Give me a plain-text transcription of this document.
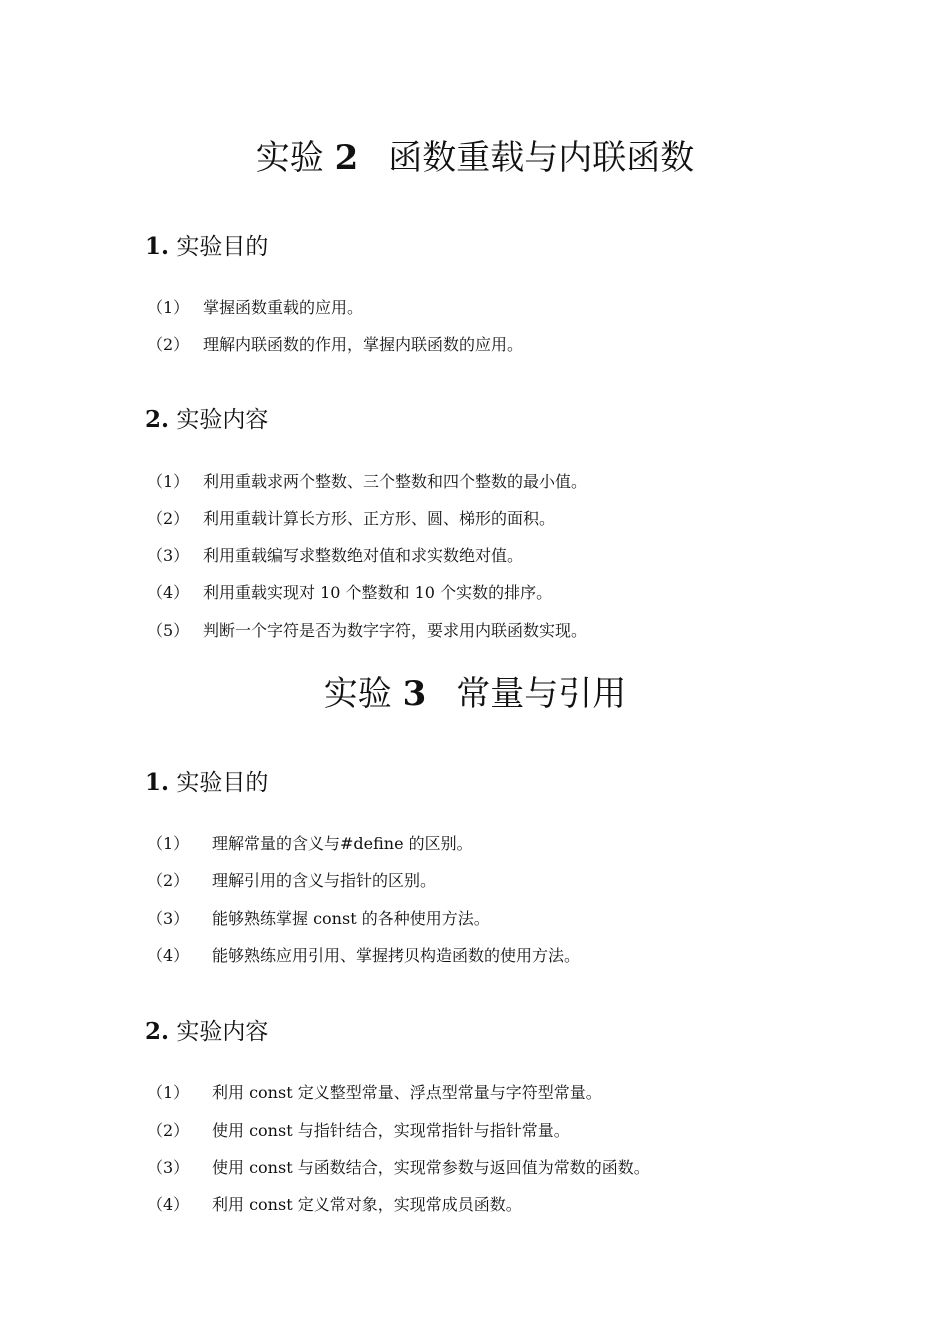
实验 2 函数重载与内联函数
1. 实验目的
（1） 掌握函数重载的应用。
（2） 理解内联函数的作用，掌握内联函数的应用。
2. 实验内容
（1） 利用重载求两个整数、三个整数和四个整数的最小值。
（2） 利用重载计算长方形、正方形、圆、梯形的面积。
（3） 利用重载编写求整数绝对值和求实数绝对值。
（4） 利用重载实现对 10 个整数和 10 个实数的排序。
（5） 判断一个字符是否为数字字符，要求用内联函数实现。
实验 3 常量与引用
1. 实验目的
（1） 理解常量的含义与#define 的区别。
（2） 理解引用的含义与指针的区别。
（3） 能够熟练掌握 const 的各种使用方法。
（4） 能够熟练应用引用、掌握拷贝构造函数的使用方法。
2. 实验内容
（1） 利用 const 定义整型常量、浮点型常量与字符型常量。
（2） 使用 const 与指针结合，实现常指针与指针常量。
（3） 使用 const 与函数结合，实现常参数与返回值为常数的函数。
（4） 利用 const 定义常对象，实现常成员函数。
